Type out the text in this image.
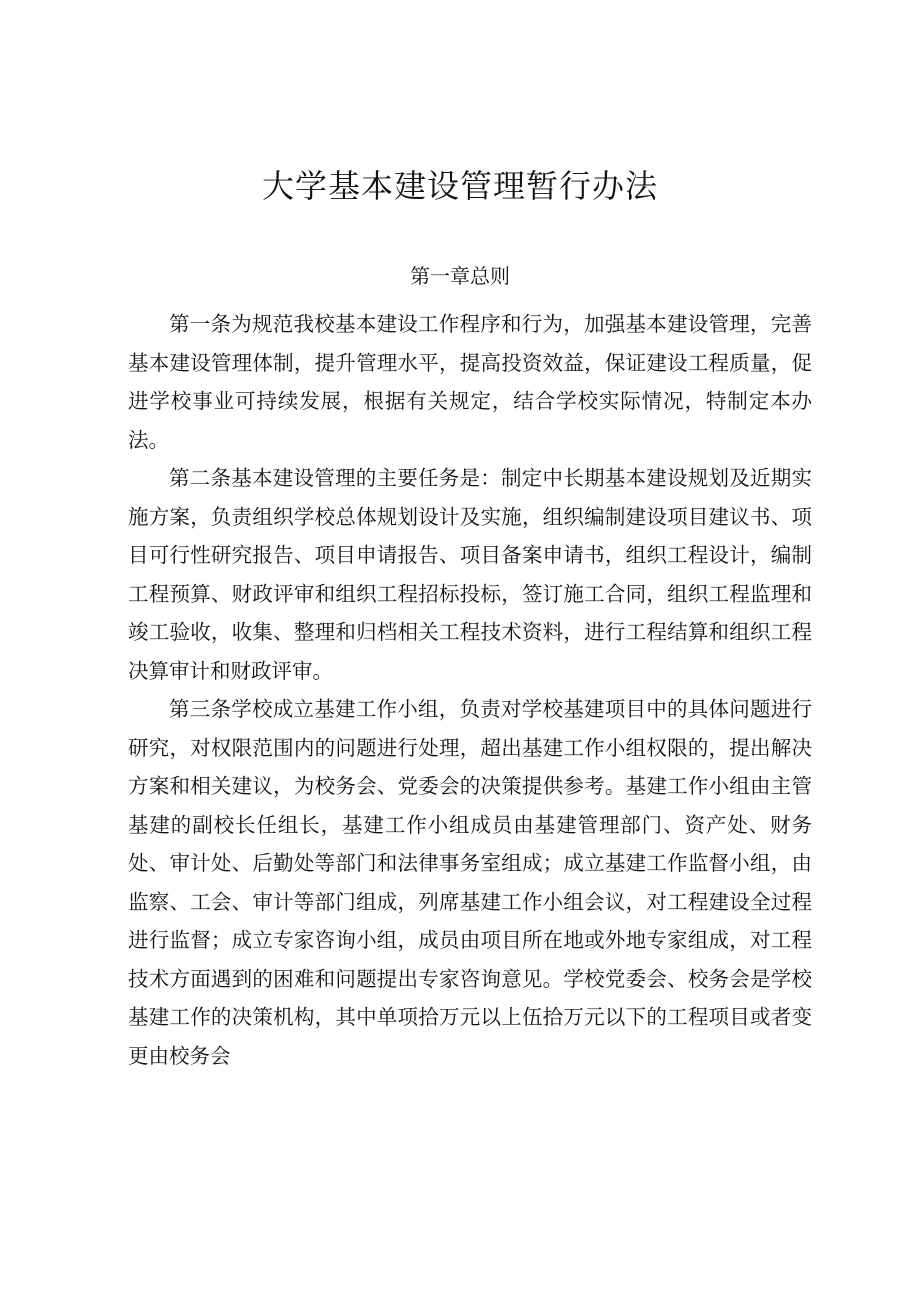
大学基本建设管理暂行办法
第一章总则

第一条为规范我校基本建设工作程序和行为，加强基本建设管理，完善基本建设管理体制，提升管理水平，提高投资效益，保证建设工程质量，促进学校事业可持续发展，根据有关规定，结合学校实际情况，特制定本办法。

第二条基本建设管理的主要任务是：制定中长期基本建设规划及近期实施方案，负责组织学校总体规划设计及实施，组织编制建设项目建议书、项目可行性研究报告、项目申请报告、项目备案申请书，组织工程设计，编制工程预算、财政评审和组织工程招标投标，签订施工合同，组织工程监理和竣工验收，收集、整理和归档相关工程技术资料，进行工程结算和组织工程决算审计和财政评审。

第三条学校成立基建工作小组，负责对学校基建项目中的具体问题进行研究，对权限范围内的问题进行处理，超出基建工作小组权限的，提出解决方案和相关建议，为校务会、党委会的决策提供参考。基建工作小组由主管基建的副校长任组长，基建工作小组成员由基建管理部门、资产处、财务处、审计处、后勤处等部门和法律事务室组成；成立基建工作监督小组，由监察、工会、审计等部门组成，列席基建工作小组会议，对工程建设全过程进行监督；成立专家咨询小组，成员由项目所在地或外地专家组成，对工程技术方面遇到的困难和问题提出专家咨询意见。学校党委会、校务会是学校基建工作的决策机构，其中单项拾万元以上伍拾万元以下的工程项目或者变更由校务会
